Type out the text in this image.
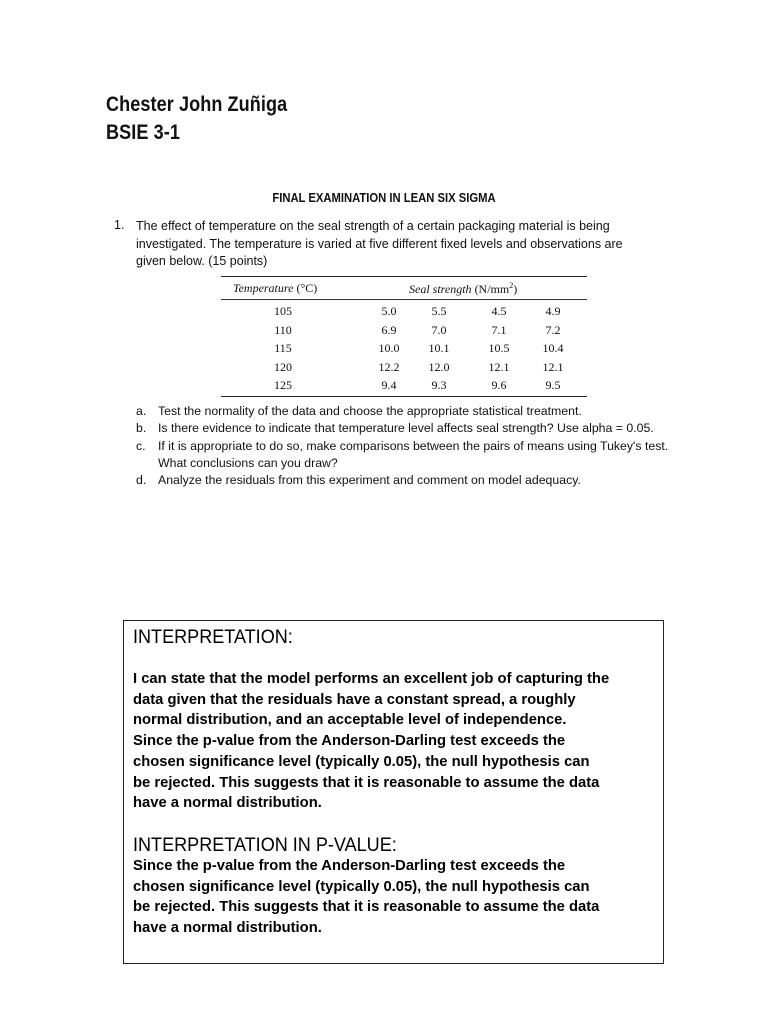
Chester John Zuñiga
BSIE 3-1
FINAL EXAMINATION IN LEAN SIX SIGMA
1. The effect of temperature on the seal strength of a certain packaging material is being investigated. The temperature is varied at five different fixed levels and observations are given below. (15 points)
Temperature (°C)	Seal strength $(N/mm^2)$
105	5.0	5.5	4.5	4.9
110	6.9	7.0	7.1	7.2
115	10.0	10.1	10.5	10.4
120	12.2	12.0	12.1	12.1
125	9.4	9.3	9.6	9.5
a. Test the normality of the data and choose the appropriate statistical treatment.
b. Is there evidence to indicate that temperature level affects seal strength? Use alpha = 0.05.
c. If it is appropriate to do so, make comparisons between the pairs of means using Tukey's test. What conclusions can you draw?
d. Analyze the residuals from this experiment and comment on model adequacy.
INTERPRETATION:
I can state that the model performs an excellent job of capturing the
data given that the residuals have a constant spread, a roughly
normal distribution, and an acceptable level of independence.
Since the p-value from the Anderson-Darling test exceeds the
chosen significance level (typically 0.05), the null hypothesis can
be rejected. This suggests that it is reasonable to assume the data
have a normal distribution.
INTERPRETATION IN P-VALUE:
Since the p-value from the Anderson-Darling test exceeds the
chosen significance level (typically 0.05), the null hypothesis can
be rejected. This suggests that it is reasonable to assume the data
have a normal distribution.
